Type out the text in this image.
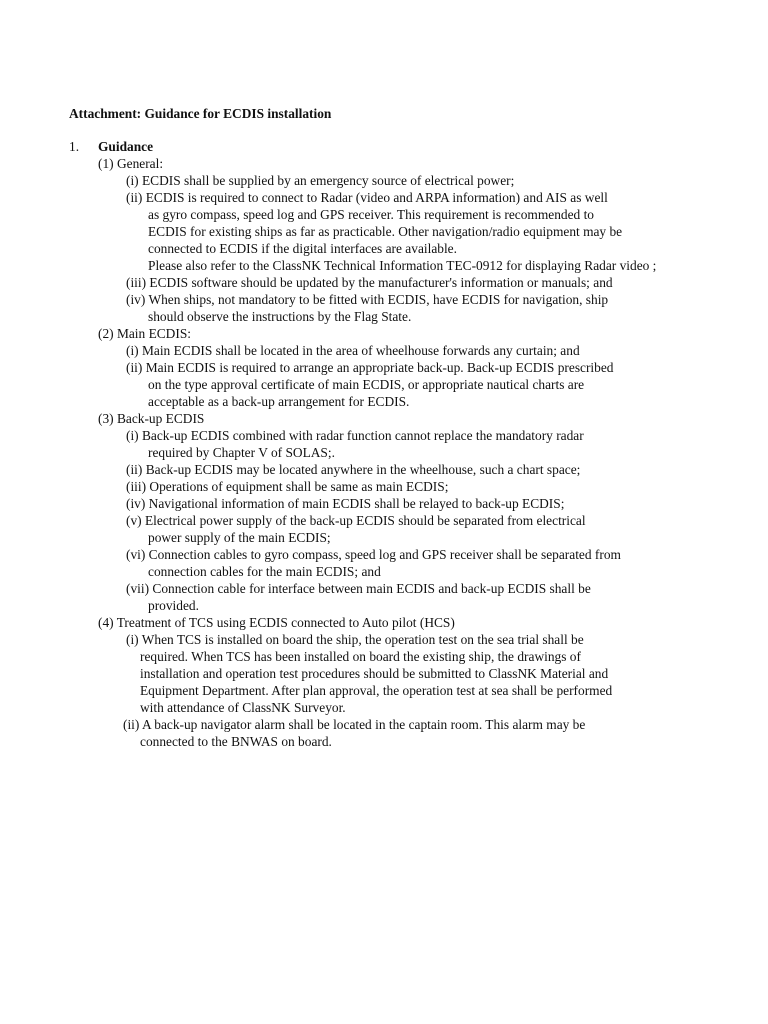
Attachment: Guidance for ECDIS installation
1. Guidance
(1) General:
(i) ECDIS shall be supplied by an emergency source of electrical power;
(ii) ECDIS is required to connect to Radar (video and ARPA information) and AIS as well
as gyro compass, speed log and GPS receiver. This requirement is recommended to
ECDIS for existing ships as far as practicable. Other navigation/radio equipment may be
connected to ECDIS if the digital interfaces are available.
Please also refer to the ClassNK Technical Information TEC-0912 for displaying Radar video ;
(iii) ECDIS software should be updated by the manufacturer's information or manuals; and
(iv) When ships, not mandatory to be fitted with ECDIS, have ECDIS for navigation, ship
should observe the instructions by the Flag State.
(2) Main ECDIS:
(i) Main ECDIS shall be located in the area of wheelhouse forwards any curtain; and
(ii) Main ECDIS is required to arrange an appropriate back-up. Back-up ECDIS prescribed
on the type approval certificate of main ECDIS, or appropriate nautical charts are
acceptable as a back-up arrangement for ECDIS.
(3) Back-up ECDIS
(i) Back-up ECDIS combined with radar function cannot replace the mandatory radar
required by Chapter V of SOLAS;.
(ii) Back-up ECDIS may be located anywhere in the wheelhouse, such a chart space;
(iii) Operations of equipment shall be same as main ECDIS;
(iv) Navigational information of main ECDIS shall be relayed to back-up ECDIS;
(v) Electrical power supply of the back-up ECDIS should be separated from electrical
power supply of the main ECDIS;
(vi) Connection cables to gyro compass, speed log and GPS receiver shall be separated from
connection cables for the main ECDIS; and
(vii) Connection cable for interface between main ECDIS and back-up ECDIS shall be
provided.
(4) Treatment of TCS using ECDIS connected to Auto pilot (HCS)
(i) When TCS is installed on board the ship, the operation test on the sea trial shall be
required. When TCS has been installed on board the existing ship, the drawings of
installation and operation test procedures should be submitted to ClassNK Material and
Equipment Department. After plan approval, the operation test at sea shall be performed
with attendance of ClassNK Surveyor.
(ii) A back-up navigator alarm shall be located in the captain room. This alarm may be
connected to the BNWAS on board.
